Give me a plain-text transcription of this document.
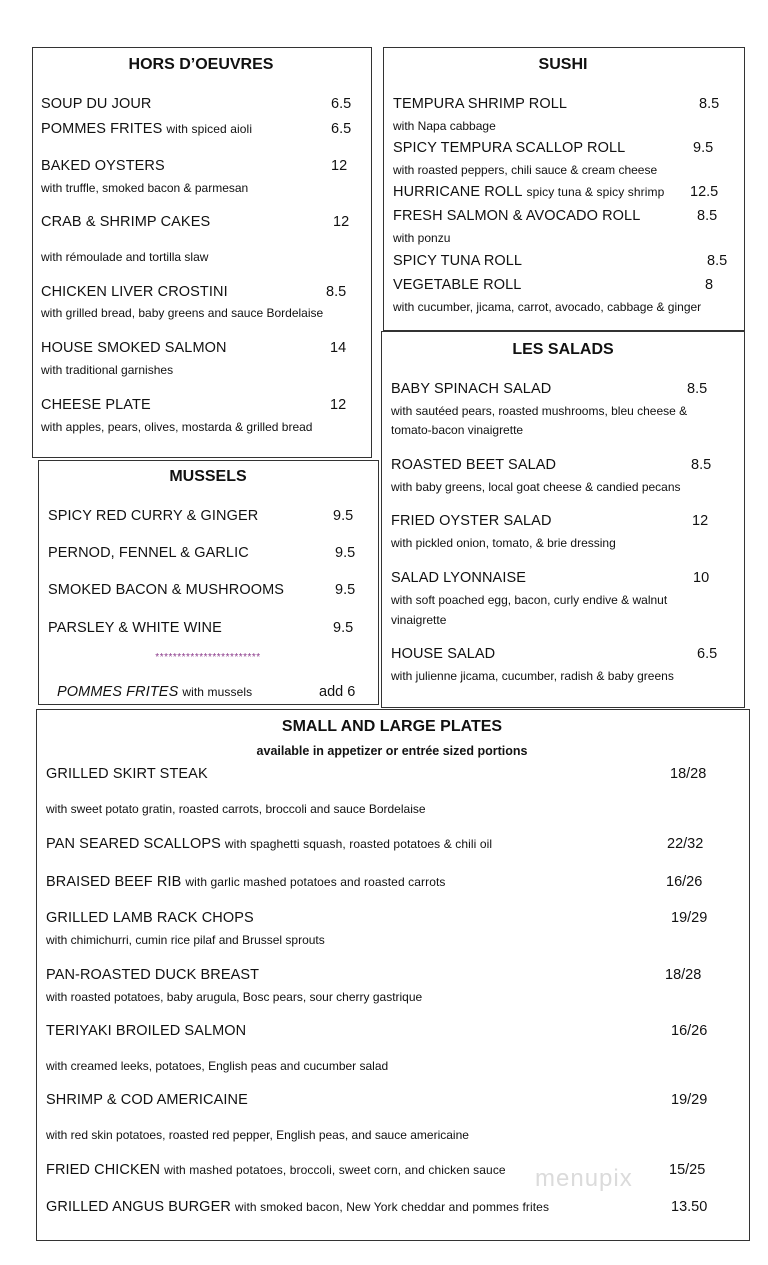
HORS D’OEUVRES
SOUP DU JOUR	6.5
POMMES FRITES with spiced aioli	6.5
BAKED OYSTERS	12
with truffle, smoked bacon & parmesan
CRAB & SHRIMP CAKES	12
with rémoulade and tortilla slaw
CHICKEN LIVER CROSTINI	8.5
with grilled bread, baby greens and sauce Bordelaise
HOUSE SMOKED SALMON	14
with traditional garnishes
CHEESE PLATE	12
with apples, pears, olives, mostarda & grilled bread
SUSHI
TEMPURA SHRIMP ROLL	8.5
with Napa cabbage
SPICY TEMPURA SCALLOP ROLL	9.5
with roasted peppers, chili sauce & cream cheese
HURRICANE ROLL spicy tuna & spicy shrimp 12.5
FRESH SALMON & AVOCADO ROLL	8.5
with ponzu
SPICY TUNA ROLL	8.5
VEGETABLE ROLL	8
with cucumber, jicama, carrot, avocado, cabbage & ginger
LES SALADS
BABY SPINACH SALAD	8.5
with sautéed pears, roasted mushrooms, bleu cheese &
tomato-bacon vinaigrette
ROASTED BEET SALAD	8.5
with baby greens, local goat cheese & candied pecans
FRIED OYSTER SALAD	12
with pickled onion, tomato, & brie dressing
SALAD LYONNAISE	10
with soft poached egg, bacon, curly endive & walnut
vinaigrette
HOUSE SALAD	6.5
with julienne jicama, cucumber, radish & baby greens
MUSSELS
SPICY RED CURRY & GINGER	9.5
PERNOD, FENNEL & GARLIC	9.5
SMOKED BACON & MUSHROOMS	9.5
PARSLEY & WHITE WINE	9.5
SMALL AND LARGE PLATES
GRILLED SKIRT STEAK	18/28
with sweet potato gratin, roasted carrots, broccoli and sauce Bordelaise
PAN SEARED SCALLOPS with spaghetti squash, roasted potatoes & chili oil	22/32
BRAISED BEEF RIB with garlic mashed potatoes and roasted carrots	16/26
GRILLED LAMB RACK CHOPS	19/29
with chimichurri, cumin rice pilaf and Brussel sprouts
PAN-ROASTED DUCK BREAST	18/28
with roasted potatoes, baby arugula, Bosc pears, sour cherry gastrique
TERIYAKI BROILED SALMON	16/26
with creamed leeks, potatoes, English peas and cucumber salad
SHRIMP & COD AMERICAINE	19/29
with red skin potatoes, roasted red pepper, English peas, and sauce americaine
FRIED CHICKEN with mashed potatoes, broccoli, sweet corn, and chicken sauce	15/25
GRILLED ANGUS BURGER with smoked bacon, New York cheddar and pommes frites	13.50
available in appetizer or entrée sized portions
************************
POMMES FRITES with mussels	add 6
menupix
